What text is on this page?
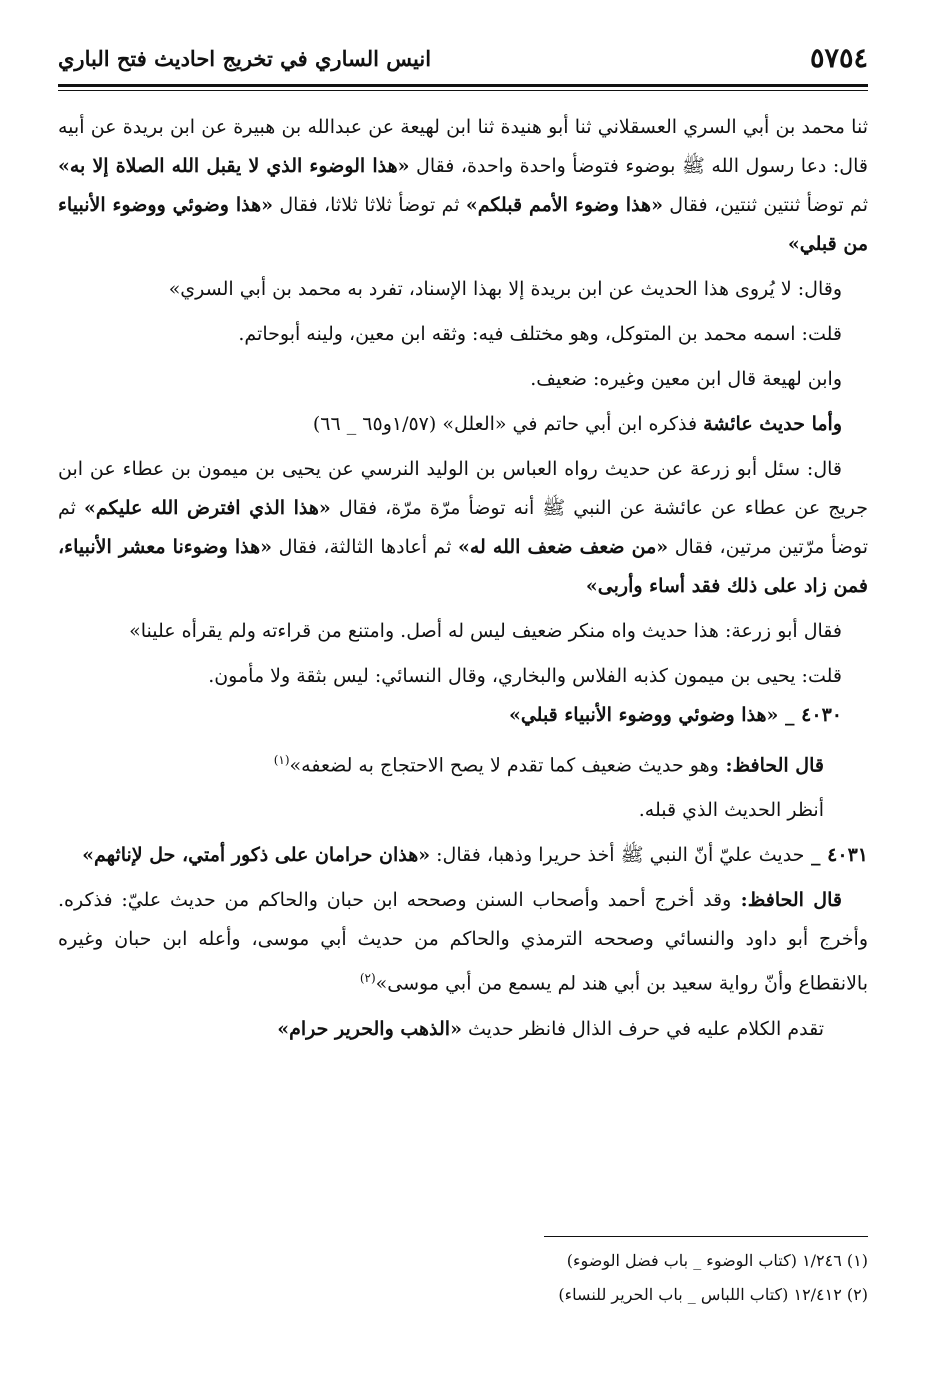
٥٧٥٤
انيس الساري في تخريج احاديث فتح الباري

ثنا محمد بن أبي السري العسقلاني ثنا أبو هنيدة ثنا ابن لهيعة عن عبدالله بن هبيرة عن ابن بريدة عن أبيه قال: دعا رسول الله ﷺ بوضوء فتوضأ واحدة واحدة، فقال «هذا الوضوء الذي لا يقبل الله الصلاة إلا به» ثم توضأ ثنتين ثنتين، فقال «هذا وضوء الأمم قبلكم» ثم توضأ ثلاثا ثلاثا، فقال «هذا وضوئي ووضوء الأنبياء من قبلي»

وقال: لا يُروى هذا الحديث عن ابن بريدة إلا بهذا الإسناد، تفرد به محمد بن أبي السري»

قلت: اسمه محمد بن المتوكل، وهو مختلف فيه: وثقه ابن معين، ولينه أبوحاتم.

وابن لهيعة قال ابن معين وغيره: ضعيف.

وأما حديث عائشة فذكره ابن أبي حاتم في «العلل» (١/٥٧و٦٥ _ ٦٦)

قال: سئل أبو زرعة عن حديث رواه العباس بن الوليد النرسي عن يحيى بن ميمون بن عطاء عن ابن جريج عن عطاء عن عائشة عن النبي ﷺ أنه توضأ مرّة مرّة، فقال «هذا الذي افترض الله عليكم» ثم توضأ مرّتين مرتين، فقال «من ضعف ضعف الله له» ثم أعادها الثالثة، فقال «هذا وضوءنا معشر الأنبياء، فمن زاد على ذلك فقد أساء وأربى»

فقال أبو زرعة: هذا حديث واه منكر ضعيف ليس له أصل. وامتنع من قراءته ولم يقرأه علينا»

قلت: يحيى بن ميمون كذبه الفلاس والبخاري، وقال النسائي: ليس بثقة ولا مأمون.

٤٠٣٠ _ «هذا وضوئي ووضوء الأنبياء قبلي»

قال الحافظ: وهو حديث ضعيف كما تقدم لا يصح الاحتجاج به لضعفه»$^{(١)}$

أنظر الحديث الذي قبله.

٤٠٣١ _ حديث عليّ أنّ النبي ﷺ أخذ حريرا وذهبا، فقال: «هذان حرامان على ذكور أمتي، حل لإناثهم»

قال الحافظ: وقد أخرج أحمد وأصحاب السنن وصححه ابن حبان والحاكم من حديث عليّ: فذكره. وأخرج أبو داود والنسائي وصححه الترمذي والحاكم من حديث أبي موسى، وأعله ابن حبان وغيره بالانقطاع وأنّ رواية سعيد بن أبي هند لم يسمع من أبي موسى»$^{(٢)}$

تقدم الكلام عليه في حرف الذال فانظر حديث «الذهب والحرير حرام»

(١) ١/٢٤٦ (كتاب الوضوء _ باب فضل الوضوء)

(٢) ١٢/٤١٢ (كتاب اللباس _ باب الحرير للنساء)
